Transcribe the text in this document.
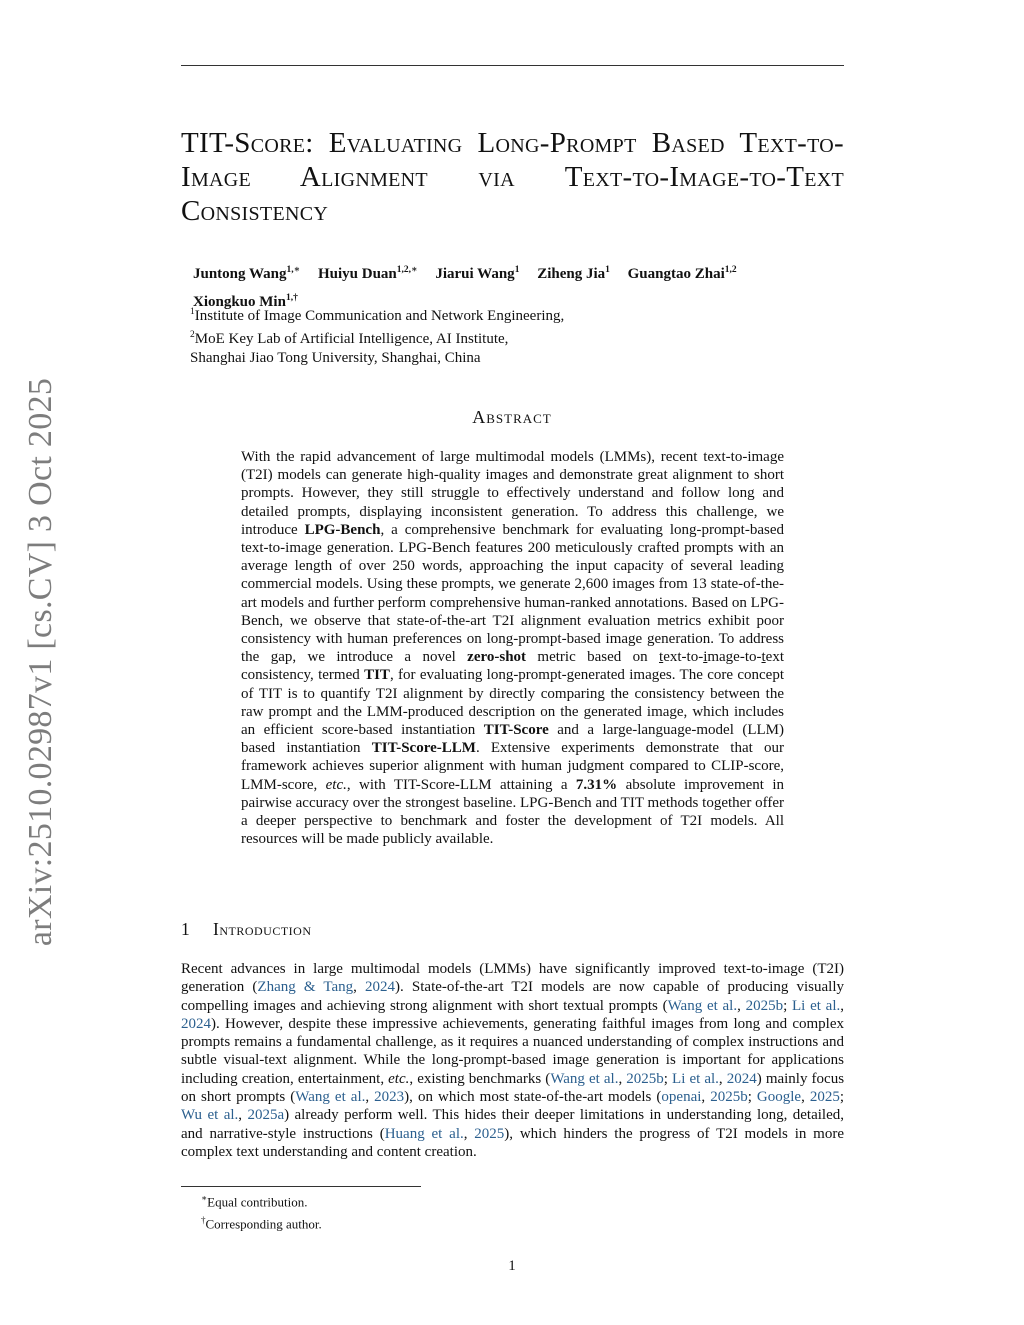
arXiv:2510.02987v1 [cs.CV] 3 Oct 2025
TIT-Score: Evaluating Long-Prompt Based Text-to-Image Alignment via Text-to-Image-to-Text Consistency
Juntong Wang$^{1,∗}$ Huiyu Duan$^{1,2,∗}$ Jiarui Wang$^1$ Ziheng Jia$^1$ Guangtao Zhai$^{1,2}$
Xiongkuo Min$^{1,\dagger}$
$^1$Institute of Image Communication and Network Engineering,
$^2$MoE Key Lab of Artificial Intelligence, AI Institute,
Shanghai Jiao Tong University, Shanghai, China
Abstract
With the rapid advancement of large multimodal models (LMMs), recent text-to-image (T2I) models can generate high-quality images and demonstrate great alignment to short prompts. However, they still struggle to effectively understand and follow long and detailed prompts, displaying inconsistent generation. To address this challenge, we introduce LPG-Bench, a comprehensive benchmark for evaluating long-prompt-based text-to-image generation. LPG-Bench features 200 meticulously crafted prompts with an average length of over 250 words, approaching the input capacity of several leading commercial models. Using these prompts, we generate 2,600 images from 13 state-of-the-art models and further perform comprehensive human-ranked annotations. Based on LPG-Bench, we observe that state-of-the-art T2I alignment evaluation metrics exhibit poor consistency with human preferences on long-prompt-based image generation. To address the gap, we introduce a novel zero-shot metric based on text-to-image-to-text consistency, termed TIT, for evaluating long-prompt-generated images. The core concept of TIT is to quantify T2I alignment by directly comparing the consistency between the raw prompt and the LMM-produced description on the generated image, which includes an efficient score-based instantiation TIT-Score and a large-language-model (LLM) based instantiation TIT-Score-LLM. Extensive experiments demonstrate that our framework achieves superior alignment with human judgment compared to CLIP-score, LMM-score, etc., with TIT-Score-LLM attaining a 7.31% absolute improvement in pairwise accuracy over the strongest baseline. LPG-Bench and TIT methods together offer a deeper perspective to benchmark and foster the development of T2I models. All resources will be made publicly available.
1 Introduction
Recent advances in large multimodal models (LMMs) have significantly improved text-to-image (T2I) generation (Zhang & Tang, 2024). State-of-the-art T2I models are now capable of producing visually compelling images and achieving strong alignment with short textual prompts (Wang et al., 2025b; Li et al., 2024). However, despite these impressive achievements, generating faithful images from long and complex prompts remains a fundamental challenge, as it requires a nuanced understanding of complex instructions and subtle visual-text alignment. While the long-prompt-based image generation is important for applications including creation, entertainment, etc., existing benchmarks (Wang et al., 2025b; Li et al., 2024) mainly focus on short prompts (Wang et al., 2023), on which most state-of-the-art models (openai, 2025b; Google, 2025; Wu et al., 2025a) already perform well. This hides their deeper limitations in understanding long, detailed, and narrative-style instructions (Huang et al., 2025), which hinders the progress of T2I models in more complex text understanding and content creation.
∗Equal contribution.
†Corresponding author.
1
